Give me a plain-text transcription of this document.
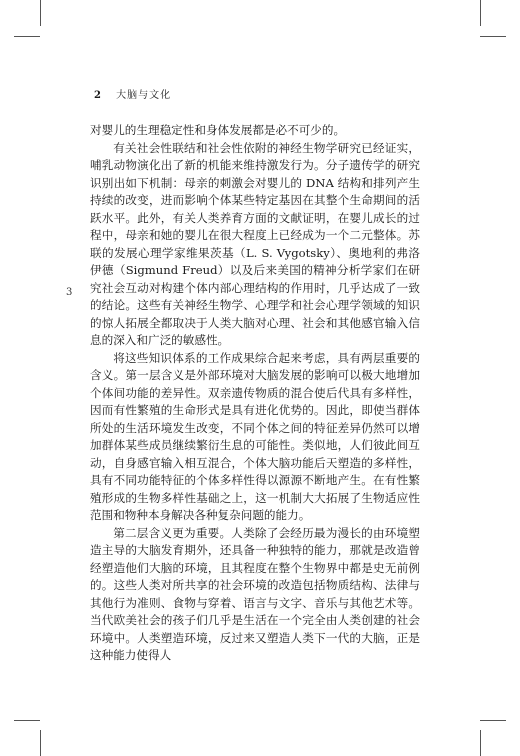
2 大脑与文化
3

对婴儿的生理稳定性和身体发展都是必不可少的。

有关社会性联结和社会性依附的神经生物学研究已经证实，哺乳动物演化出了新的机能来维持激发行为。分子遗传学的研究识别出如下机制：母亲的刺激会对婴儿的 DNA 结构和排列产生持续的改变，进而影响个体某些特定基因在其整个生命期间的活跃水平。此外，有关人类养育方面的文献证明，在婴儿成长的过程中，母亲和她的婴儿在很大程度上已经成为一个二元整体。苏联的发展心理学家维果茨基（L. S. Vygotsky）、奥地利的弗洛伊德（Sigmund Freud）以及后来美国的精神分析学家们在研究社会互动对构建个体内部心理结构的作用时，几乎达成了一致的结论。这些有关神经生物学、心理学和社会心理学领域的知识的惊人拓展全都取决于人类大脑对心理、社会和其他感官输入信息的深入和广泛的敏感性。

将这些知识体系的工作成果综合起来考虑，具有两层重要的含义。第一层含义是外部环境对大脑发展的影响可以极大地增加个体间功能的差异性。双亲遗传物质的混合使后代具有多样性，因而有性繁殖的生命形式是具有进化优势的。因此，即使当群体所处的生活环境发生改变，不同个体之间的特征差异仍然可以增加群体某些成员继续繁衍生息的可能性。类似地，人们彼此间互动，自身感官输入相互混合，个体大脑功能后天塑造的多样性，具有不同功能特征的个体多样性得以源源不断地产生。在有性繁殖形成的生物多样性基础之上，这一机制大大拓展了生物适应性范围和物种本身解决各种复杂问题的能力。

第二层含义更为重要。人类除了会经历最为漫长的由环境塑造主导的大脑发育期外，还具备一种独特的能力，那就是改造曾经塑造他们大脑的环境，且其程度在整个生物界中都是史无前例的。这些人类对所共享的社会环境的改造包括物质结构、法律与其他行为准则、食物与穿着、语言与文字、音乐与其他艺术等。当代欧美社会的孩子们几乎是生活在一个完全由人类创建的社会环境中。人类塑造环境，反过来又塑造人类下一代的大脑，正是这种能力使得人
